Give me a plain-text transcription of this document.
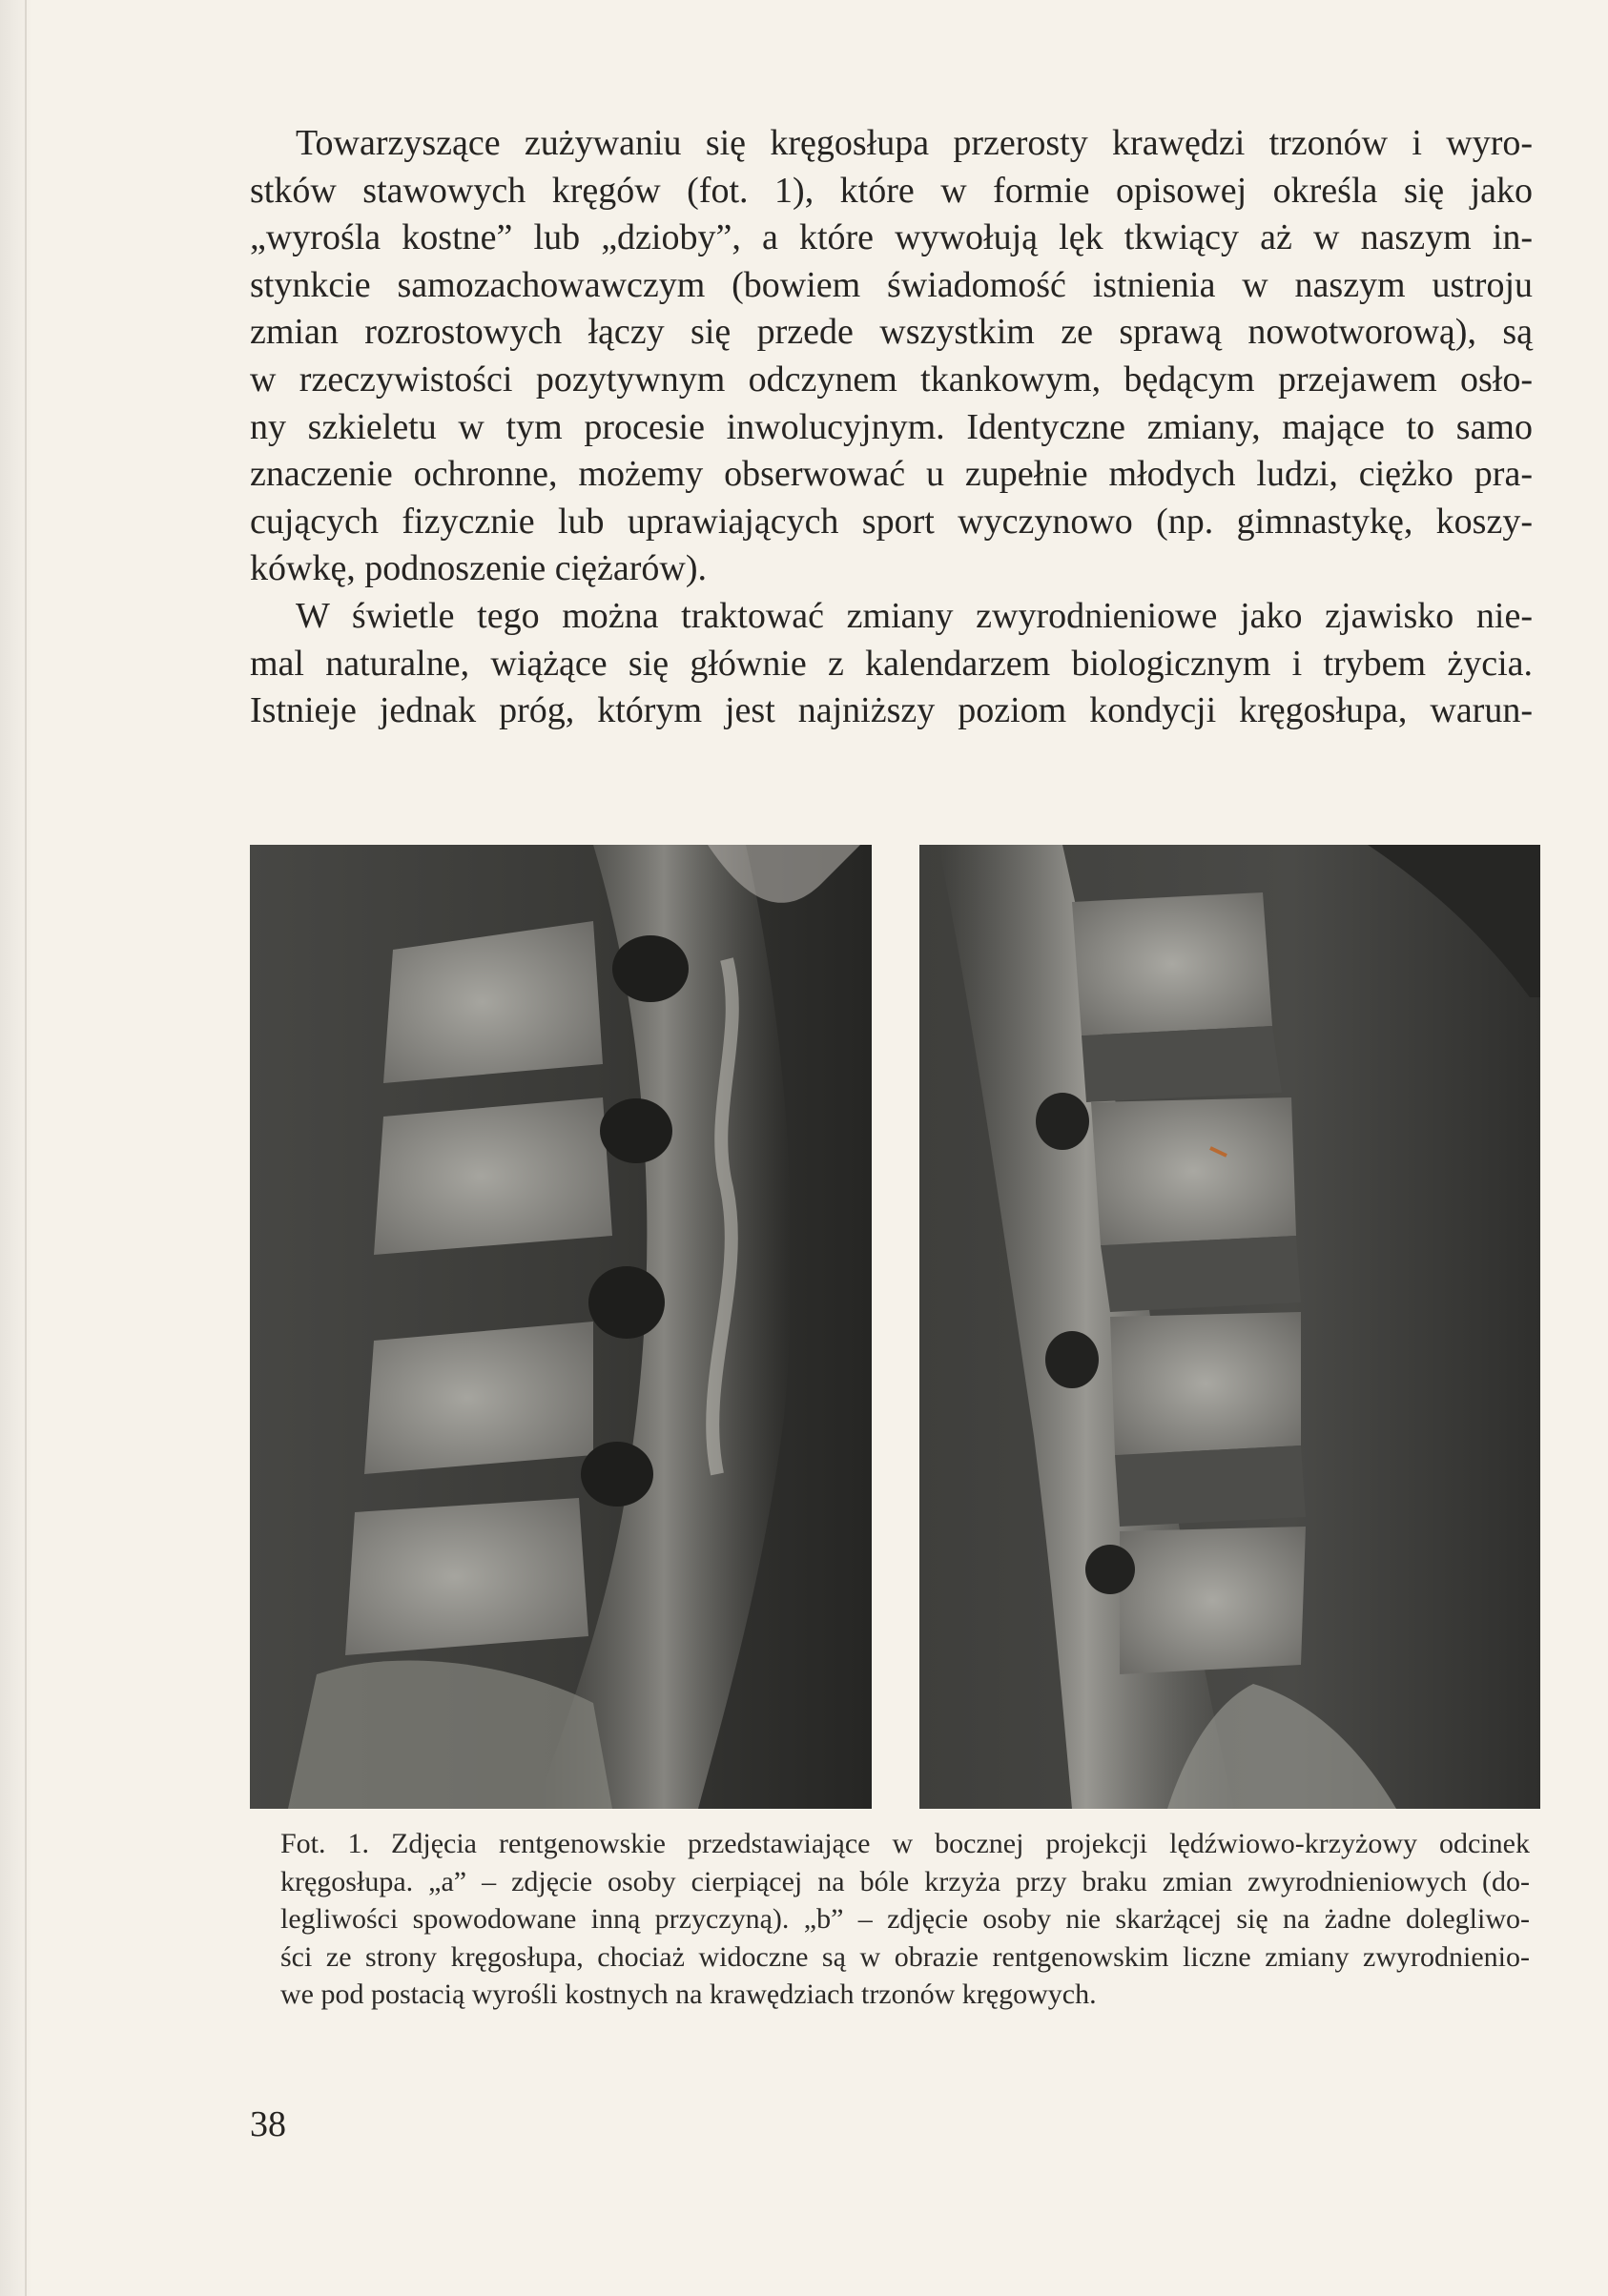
Towarzyszące zużywaniu się kręgosłupa przerosty krawędzi trzonów i wyro-
stków stawowych kręgów (fot. 1), które w formie opisowej określa się jako
„wyrośla kostne” lub „dzioby”, a które wywołują lęk tkwiący aż w naszym in-
stynkcie samozachowawczym (bowiem świadomość istnienia w naszym ustroju
zmian rozrostowych łączy się przede wszystkim ze sprawą nowotworową), są
w rzeczywistości pozytywnym odczynem tkankowym, będącym przejawem osło-
ny szkieletu w tym procesie inwolucyjnym. Identyczne zmiany, mające to samo
znaczenie ochronne, możemy obserwować u zupełnie młodych ludzi, ciężko pra-
cujących fizycznie lub uprawiających sport wyczynowo (np. gimnastykę, koszy-
kówkę, podnoszenie ciężarów).
W świetle tego można traktować zmiany zwyrodnieniowe jako zjawisko nie-
mal naturalne, wiążące się głównie z kalendarzem biologicznym i trybem życia.
Istnieje jednak próg, którym jest najniższy poziom kondycji kręgosłupa, warun-
Fot. 1. Zdjęcia rentgenowskie przedstawiające w bocznej projekcji lędźwiowo-krzyżowy odcinek
kręgosłupa. „a” – zdjęcie osoby cierpiącej na bóle krzyża przy braku zmian zwyrodnieniowych (do-
legliwości spowodowane inną przyczyną). „b” – zdjęcie osoby nie skarżącej się na żadne dolegliwo-
ści ze strony kręgosłupa, chociaż widoczne są w obrazie rentgenowskim liczne zmiany zwyrodnienio-
we pod postacią wyrośli kostnych na krawędziach trzonów kręgowych.
38
